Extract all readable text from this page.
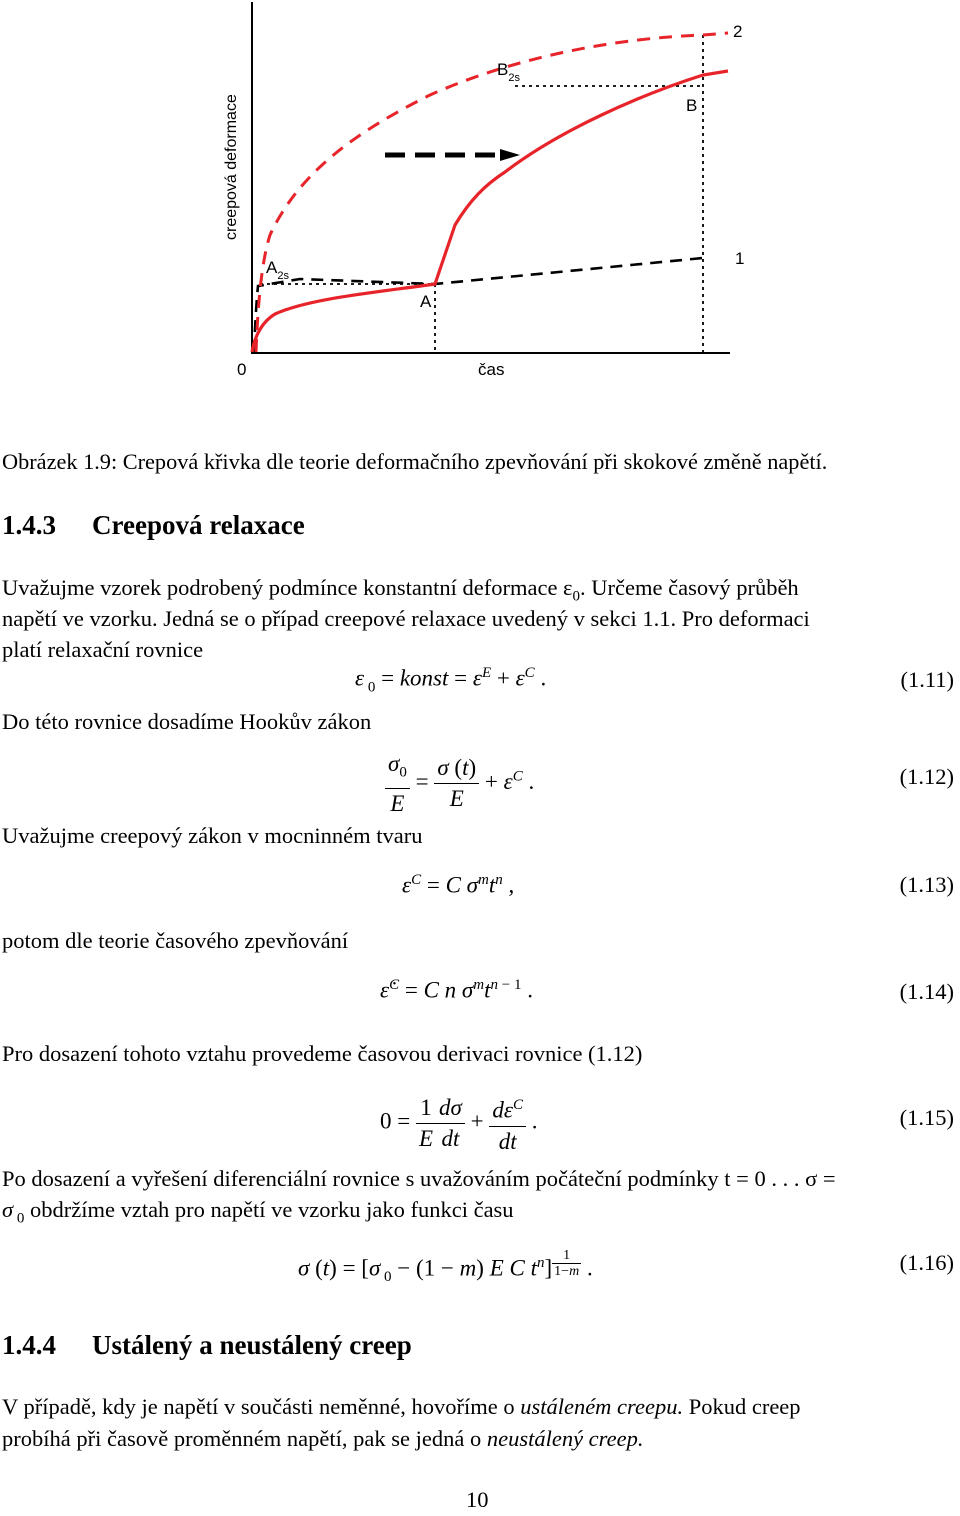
creepová deformace
čas
0
1
2
A
B
$A_{2s}$
$B_{2s}$
Obrázek 1.9: Crepová křivka dle teorie deformačního zpevňování při skokové změně napětí.
1.4.3 Creepová relaxace
Uvažujme vzorek podrobený podmínce konstantní deformace $\varepsilon_0$. Určeme časový průběh
napětí ve vzorku. Jedná se o případ creepové relaxace uvedený v sekci 1.1. Pro deformaci
platí relaxační rovnice
ε $_0$ = konst = $\varepsilon^E + \varepsilon^C$ .	(1.11)
Do této rovnice dosadíme Hookův zákon
$\frac{\sigma_0}{E} = \frac{\sigma (t)}{E} + \varepsilon^C$ .	(1.12)
Uvažujme creepový zákon v mocninném tvaru
$\varepsilon^C = C$ $\sigma^mt^n$ ,	(1.13)
potom dle teorie časového zpevňování
ε̇$^C$ = C n $\sigma^mt^{n - 1}$ .	(1.14)
Pro dosazení tohoto vztahu provedeme časovou derivaci rovnice (1.12)
$0 = \frac{1}{E} \frac{d\sigma}{dt} + \frac{d\varepsilon^C}{dt}$ .	(1.15)
Po dosazení a vyřešení diferenciální rovnice s uvažováním počáteční podmínky t = 0 . . . σ =
σ $_0$ obdržíme vztah pro napětí ve vzorku jako funkci času
σ (t) = [σ $_0$ − (1 − m) E C $t^n$] $^{\frac{1}{1-m}}$ .	(1.16)
1.4.4 Ustálený a neustálený creep
V případě, kdy je napětí v součásti neměnné, hovoříme o ustáleném creepu. Pokud creep
probíhá při časově proměnném napětí, pak se jedná o neustálený creep.
10
